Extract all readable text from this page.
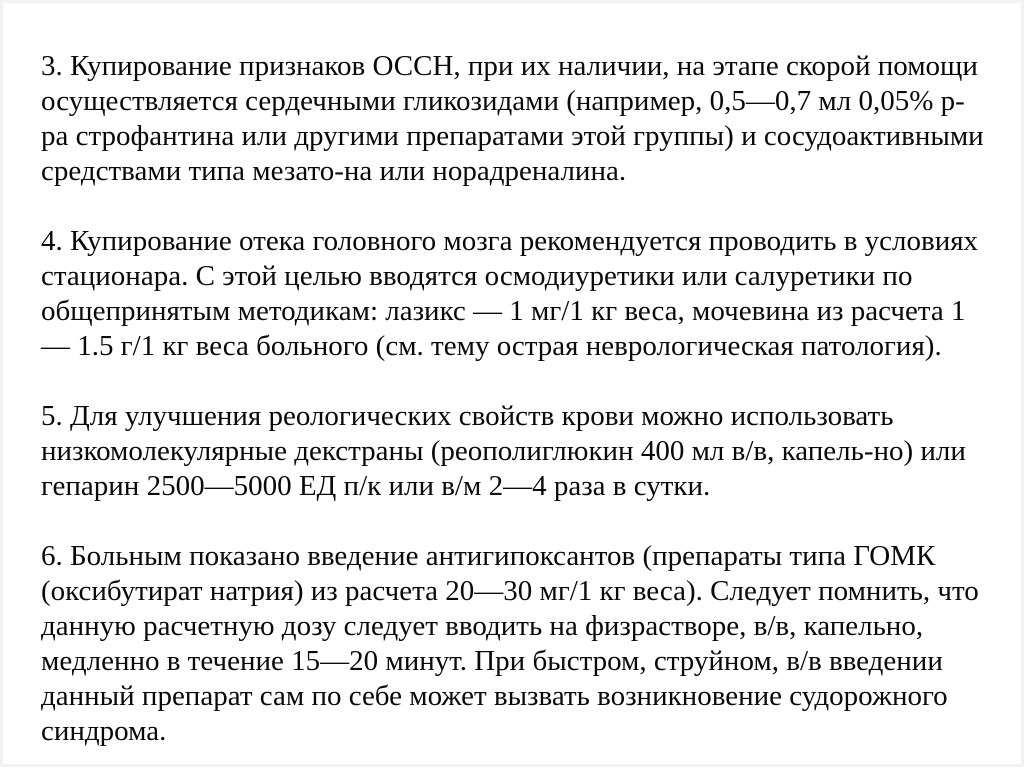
3. Купирование признаков ОССН, при их наличии, на этапе скорой помощи
осуществляется сердечными гликозидами (например, 0,5—0,7 мл 0,05% р-
ра строфантина или другими препаратами этой группы) и сосудоактивными
средствами типа мезато-на или норадреналина.
4. Купирование отека головного мозга рекомендуется проводить в условиях
стационара. С этой целью вводятся осмодиуретики или салуретики по
общепринятым методикам: лазикс — 1 мг/1 кг веса, мочевина из расчета 1
— 1.5 г/1 кг веса больного (см. тему острая неврологическая патология).
5. Для улучшения реологических свойств крови можно использовать
низкомолекулярные декстраны (реополиглюкин 400 мл в/в, капель-но) или
гепарин 2500—5000 ЕД п/к или в/м 2—4 раза в сутки.
6. Больным показано введение антигипоксантов (препараты типа ГОМК
(оксибутират натрия) из расчета 20—30 мг/1 кг веса). Следует помнить, что
данную расчетную дозу следует вводить на физрастворе, в/в, капельно,
медленно в течение 15—20 минут. При быстром, струйном, в/в введении
данный препарат сам по себе может вызвать возникновение судорожного
синдрома.
